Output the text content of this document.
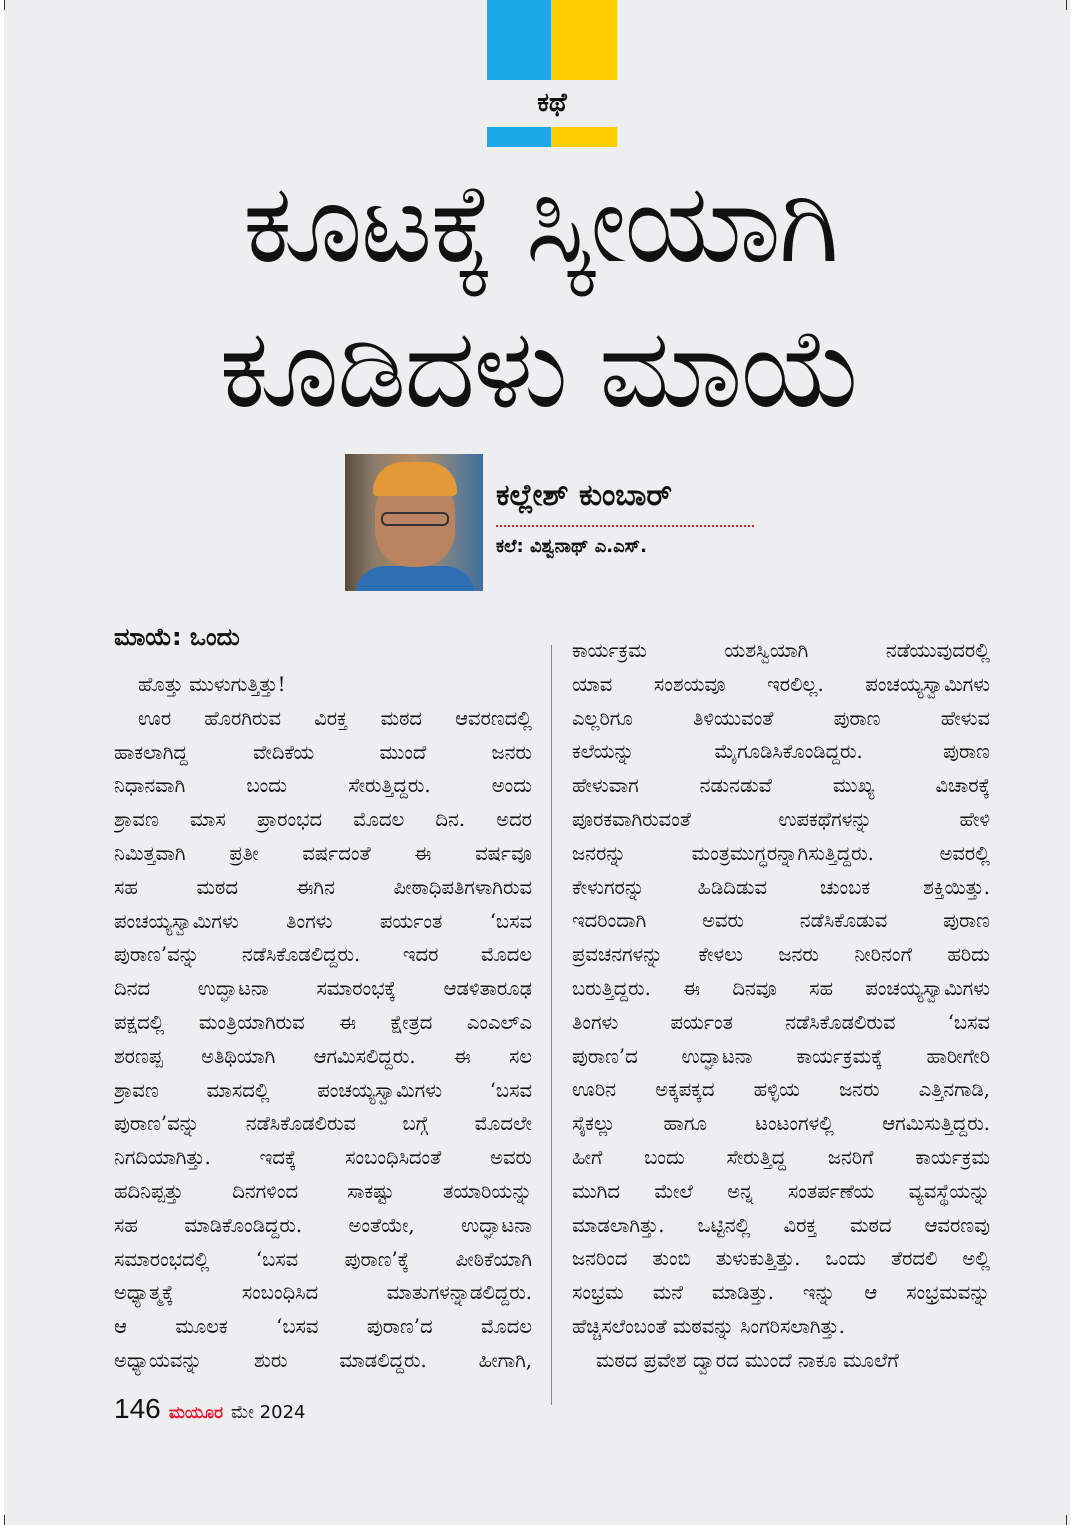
ಕಥೆ
ಕೂಟಕ್ಕೆ ಸ್ಕೀಯಾಗಿ
ಕೂಡಿದಳು ಮಾಯೆ
ಕಲ್ಲೇಶ್ ಕುಂಬಾರ್
ಕಲೆ: ವಿಶ್ವನಾಥ್ ಎ.ಎಸ್.
ಮಾಯೆ: ಒಂದು
ಹೊತ್ತು ಮುಳುಗುತ್ತಿತ್ತು!
ಊರ ಹೊರಗಿರುವ ವಿರಕ್ತ ಮಠದ ಆವರಣದಲ್ಲಿ
ಹಾಕಲಾಗಿದ್ದ ವೇದಿಕೆಯ ಮುಂದೆ ಜನರು
ನಿಧಾನವಾಗಿ ಬಂದು ಸೇರುತ್ತಿದ್ದರು. ಅಂದು
ಶ್ರಾವಣ ಮಾಸ ಪ್ರಾರಂಭದ ಮೊದಲ ದಿನ. ಅದರ
ನಿಮಿತ್ತವಾಗಿ ಪ್ರತೀ ವರ್ಷದಂತೆ ಈ ವರ್ಷವೂ
ಸಹ ಮಠದ ಈಗಿನ ಪೀಠಾಧಿಪತಿಗಳಾಗಿರುವ
ಪಂಚಯ್ಯಸ್ವಾಮಿಗಳು ತಿಂಗಳು ಪರ್ಯಂತ ‘ಬಸವ
ಪುರಾಣ’ವನ್ನು ನಡೆಸಿಕೊಡಲಿದ್ದರು. ಇದರ ಮೊದಲ
ದಿನದ ಉದ್ಘಾಟನಾ ಸಮಾರಂಭಕ್ಕೆ ಆಡಳಿತಾರೂಢ
ಪಕ್ಷದಲ್ಲಿ ಮಂತ್ರಿಯಾಗಿರುವ ಈ ಕ್ಷೇತ್ರದ ಎಂಎಲ್‌ಎ
ಶರಣಪ್ಪ ಅತಿಥಿಯಾಗಿ ಆಗಮಿಸಲಿದ್ದರು. ಈ ಸಲ
ಶ್ರಾವಣ ಮಾಸದಲ್ಲಿ ಪಂಚಯ್ಯಸ್ವಾಮಿಗಳು ‘ಬಸವ
ಪುರಾಣ’ವನ್ನು ನಡೆಸಿಕೊಡಲಿರುವ ಬಗ್ಗೆ ಮೊದಲೇ
ನಿಗದಿಯಾಗಿತ್ತು. ಇದಕ್ಕೆ ಸಂಬಂಧಿಸಿದಂತೆ ಅವರು
ಹದಿನಿಪ್ಪತ್ತು ದಿನಗಳಿಂದ ಸಾಕಷ್ಟು ತಯಾರಿಯನ್ನು
ಸಹ ಮಾಡಿಕೊಂಡಿದ್ದರು. ಅಂತೆಯೇ, ಉದ್ಘಾಟನಾ
ಸಮಾರಂಭದಲ್ಲಿ ‘ಬಸವ ಪುರಾಣ’ಕ್ಕೆ ಪೀಠಿಕೆಯಾಗಿ
ಅಧ್ಯಾತ್ಮಕ್ಕೆ ಸಂಬಂಧಿಸಿದ ಮಾತುಗಳನ್ನಾಡಲಿದ್ದರು.
ಆ ಮೂಲಕ ‘ಬಸವ ಪುರಾಣ’ದ ಮೊದಲ
ಅಧ್ಯಾಯವನ್ನು ಶುರು ಮಾಡಲಿದ್ದರು. ಹೀಗಾಗಿ,
ಕಾರ್ಯಕ್ರಮ ಯಶಸ್ವಿಯಾಗಿ ನಡೆಯುವುದರಲ್ಲಿ
ಯಾವ ಸಂಶಯವೂ ಇರಲಿಲ್ಲ. ಪಂಚಯ್ಯಸ್ವಾಮಿಗಳು
ಎಲ್ಲರಿಗೂ ತಿಳಿಯುವಂತೆ ಪುರಾಣ ಹೇಳುವ
ಕಲೆಯನ್ನು ಮೈಗೂಡಿಸಿಕೊಂಡಿದ್ದರು. ಪುರಾಣ
ಹೇಳುವಾಗ ನಡುನಡುವೆ ಮುಖ್ಯ ವಿಚಾರಕ್ಕೆ
ಪೂರಕವಾಗಿರುವಂತೆ ಉಪಕಥೆಗಳನ್ನು ಹೇಳಿ
ಜನರನ್ನು ಮಂತ್ರಮುಗ್ಧರನ್ನಾಗಿಸುತ್ತಿದ್ದರು. ಅವರಲ್ಲಿ
ಕೇಳುಗರನ್ನು ಹಿಡಿದಿಡುವ ಚುಂಬಕ ಶಕ್ತಿಯಿತ್ತು.
ಇದರಿಂದಾಗಿ ಅವರು ನಡೆಸಿಕೊಡುವ ಪುರಾಣ
ಪ್ರವಚನಗಳನ್ನು ಕೇಳಲು ಜನರು ನೀರಿನಂಗೆ ಹರಿದು
ಬರುತ್ತಿದ್ದರು. ಈ ದಿನವೂ ಸಹ ಪಂಚಯ್ಯಸ್ವಾಮಿಗಳು
ತಿಂಗಳು ಪರ್ಯಂತ ನಡೆಸಿಕೊಡಲಿರುವ ‘ಬಸವ
ಪುರಾಣ’ದ ಉದ್ಘಾಟನಾ ಕಾರ್ಯಕ್ರಮಕ್ಕೆ ಹಾರೀಗೇರಿ
ಊರಿನ ಅಕ್ಕಪಕ್ಕದ ಹಳ್ಳಿಯ ಜನರು ಎತ್ತಿನಗಾಡಿ,
ಸೈಕಲ್ಲು ಹಾಗೂ ಟಂಟಂಗಳಲ್ಲಿ ಆಗಮಿಸುತ್ತಿದ್ದರು.
ಹೀಗೆ ಬಂದು ಸೇರುತ್ತಿದ್ದ ಜನರಿಗೆ ಕಾರ್ಯಕ್ರಮ
ಮುಗಿದ ಮೇಲೆ ಅನ್ನ ಸಂತರ್ಪಣೆಯ ವ್ಯವಸ್ಥೆಯನ್ನು
ಮಾಡಲಾಗಿತ್ತು. ಒಟ್ಟಿನಲ್ಲಿ ವಿರಕ್ತ ಮಠದ ಆವರಣವು
ಜನರಿಂದ ತುಂಬಿ ತುಳುಕುತ್ತಿತ್ತು. ಒಂದು ತೆರದಲಿ ಅಲ್ಲಿ
ಸಂಭ್ರಮ ಮನೆ ಮಾಡಿತ್ತು. ಇನ್ನು ಆ ಸಂಭ್ರಮವನ್ನು
ಹೆಚ್ಚಿಸಲೆಂಬಂತೆ ಮಠವನ್ನು ಸಿಂಗರಿಸಲಾಗಿತ್ತು.
ಮಠದ ಪ್ರವೇಶ ದ್ವಾರದ ಮುಂದೆ ನಾಕೂ ಮೂಲೆಗೆ
146 ಮಯೂರ ಮೇ 2024
